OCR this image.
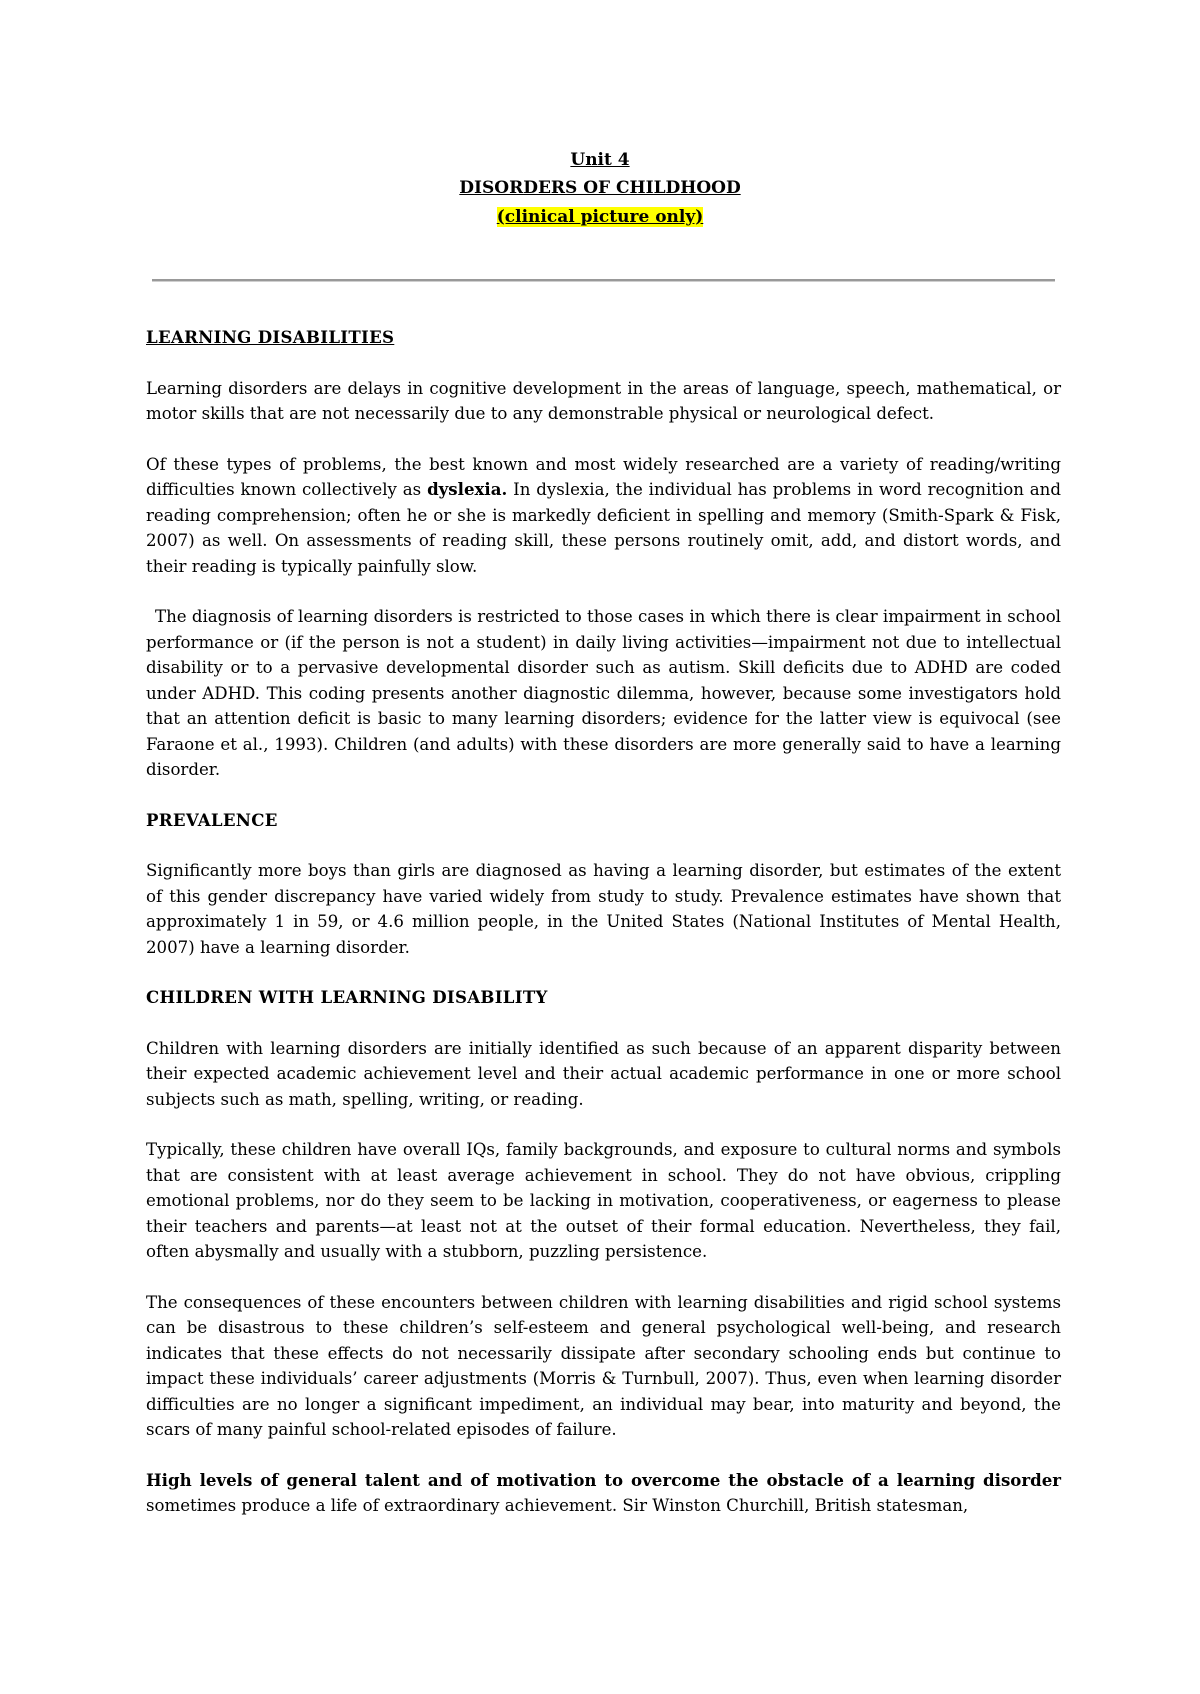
Unit 4
DISORDERS OF CHILDHOOD
(clinical picture only)
LEARNING DISABILITIES

Learning disorders are delays in cognitive development in the areas of language, speech, mathematical, or motor skills that are not necessarily due to any demonstrable physical or neurological defect.

Of these types of problems, the best known and most widely researched are a variety of reading/writing difficulties known collectively as dyslexia. In dyslexia, the individual has problems in word recognition and reading comprehension; often he or she is markedly deficient in spelling and memory (Smith-Spark & Fisk, 2007) as well. On assessments of reading skill, these persons routinely omit, add, and distort words, and their reading is typically painfully slow.

The diagnosis of learning disorders is restricted to those cases in which there is clear impairment in school performance or (if the person is not a student) in daily living activities—impairment not due to intellectual disability or to a pervasive developmental disorder such as autism. Skill deficits due to ADHD are coded under ADHD. This coding presents another diagnostic dilemma, however, because some investigators hold that an attention deficit is basic to many learning disorders; evidence for the latter view is equivocal (see Faraone et al., 1993). Children (and adults) with these disorders are more generally said to have a learning disorder.

PREVALENCE

Significantly more boys than girls are diagnosed as having a learning disorder, but estimates of the extent of this gender discrepancy have varied widely from study to study. Prevalence estimates have shown that approximately 1 in 59, or 4.6 million people, in the United States (National Institutes of Mental Health, 2007) have a learning disorder.

CHILDREN WITH LEARNING DISABILITY

Children with learning disorders are initially identified as such because of an apparent disparity between their expected academic achievement level and their actual academic performance in one or more school subjects such as math, spelling, writing, or reading.

Typically, these children have overall IQs, family backgrounds, and exposure to cultural norms and symbols that are consistent with at least average achievement in school. They do not have obvious, crippling emotional problems, nor do they seem to be lacking in motivation, cooperativeness, or eagerness to please their teachers and parents—at least not at the outset of their formal education. Nevertheless, they fail, often abysmally and usually with a stubborn, puzzling persistence.

The consequences of these encounters between children with learning disabilities and rigid school systems can be disastrous to these children’s self-esteem and general psychological well-being, and research indicates that these effects do not necessarily dissipate after secondary schooling ends but continue to impact these individuals’ career adjustments (Morris & Turnbull, 2007). Thus, even when learning disorder difficulties are no longer a significant impediment, an individual may bear, into maturity and beyond, the scars of many painful school-related episodes of failure.

High levels of general talent and of motivation to overcome the obstacle of a learning disorder sometimes produce a life of extraordinary achievement. Sir Winston Churchill, British statesman,
